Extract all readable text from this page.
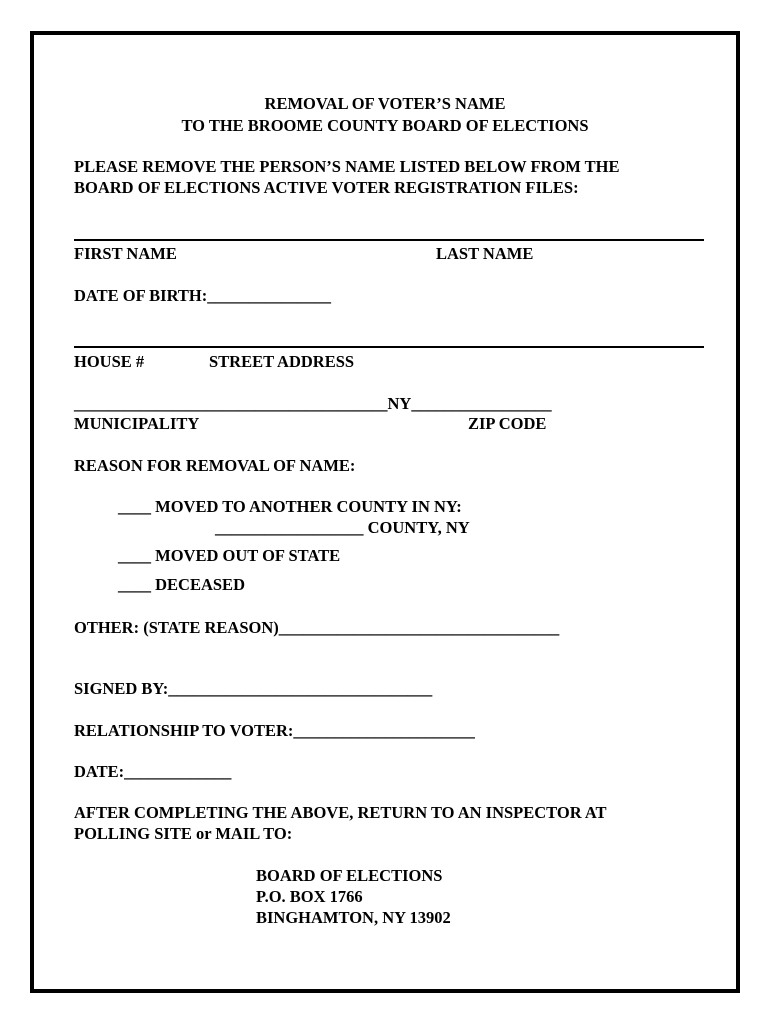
REMOVAL OF VOTER’S NAME
TO THE BROOME COUNTY BOARD OF ELECTIONS
PLEASE REMOVE THE PERSON’S NAME LISTED BELOW FROM THE
BOARD OF ELECTIONS ACTIVE VOTER REGISTRATION FILES:
FIRST NAME	LAST NAME
DATE OF BIRTH:_______________
HOUSE #	STREET ADDRESS
______________________________________NY_________________
MUNICIPALITY	ZIP CODE
REASON FOR REMOVAL OF NAME:
____ MOVED TO ANOTHER COUNTY IN NY:
__________________ COUNTY, NY
____ MOVED OUT OF STATE
____ DECEASED
OTHER: (STATE REASON)__________________________________
SIGNED BY:________________________________
RELATIONSHIP TO VOTER:______________________
DATE:_____________
AFTER COMPLETING THE ABOVE, RETURN TO AN INSPECTOR AT
POLLING SITE or MAIL TO:
BOARD OF ELECTIONS
P.O. BOX 1766
BINGHAMTON, NY 13902
